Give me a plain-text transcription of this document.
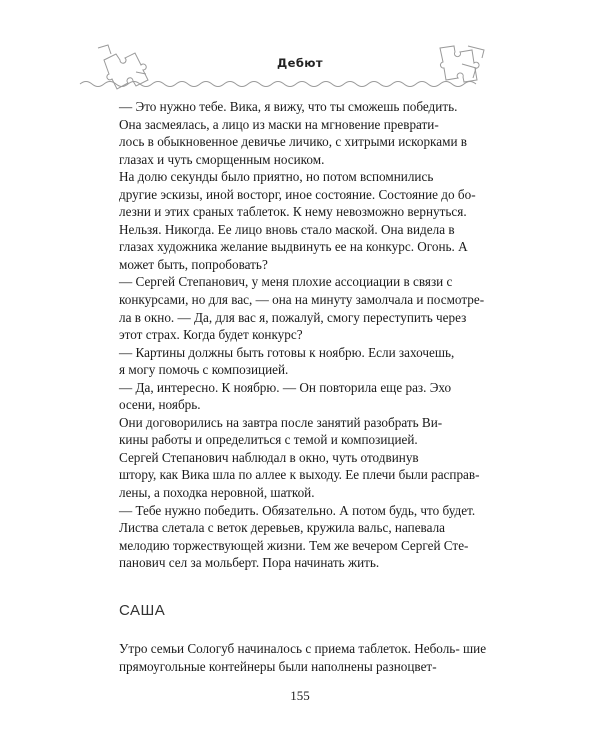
Дебют
— Это нужно тебе. Вика, я вижу, что ты сможешь победить.
Она засмеялась, а лицо из маски на мгновение преврати-
лось в обыкновенное девичье личико, с хитрыми искорками в
глазах и чуть сморщенным носиком.
На долю секунды было приятно, но потом вспомнились
другие эскизы, иной восторг, иное состояние. Состояние до бо-
лезни и этих сраных таблеток. К нему невозможно вернуться.
Нельзя. Никогда. Ее лицо вновь стало маской. Она видела в
глазах художника желание выдвинуть ее на конкурс. Огонь. А
может быть, попробовать?
— Сергей Степанович, у меня плохие ассоциации в связи с
конкурсами, но для вас, — она на минуту замолчала и посмотре-
ла в окно. — Да, для вас я, пожалуй, смогу переступить через
этот страх. Когда будет конкурс?
— Картины должны быть готовы к ноябрю. Если захочешь,
я могу помочь с композицией.
— Да, интересно. К ноябрю. — Он повторила еще раз. Эхо
осени, ноябрь.
Они договорились на завтра после занятий разобрать Ви-
кины работы и определиться с темой и композицией.
Сергей Степанович наблюдал в окно, чуть отодвинув
штору, как Вика шла по аллее к выходу. Ее плечи были расправ-
лены, а походка неровной, шаткой.
— Тебе нужно победить. Обязательно. А потом будь, что будет.
Листва слетала с веток деревьев, кружила вальс, напевала
мелодию торжествующей жизни. Тем же вечером Сергей Сте-
панович сел за мольберт. Пора начинать жить.
САША
Утро семьи Сологуб начиналось с приема таблеток. Неболь- шие прямоугольные контейнеры были наполнены разноцвет-
155
